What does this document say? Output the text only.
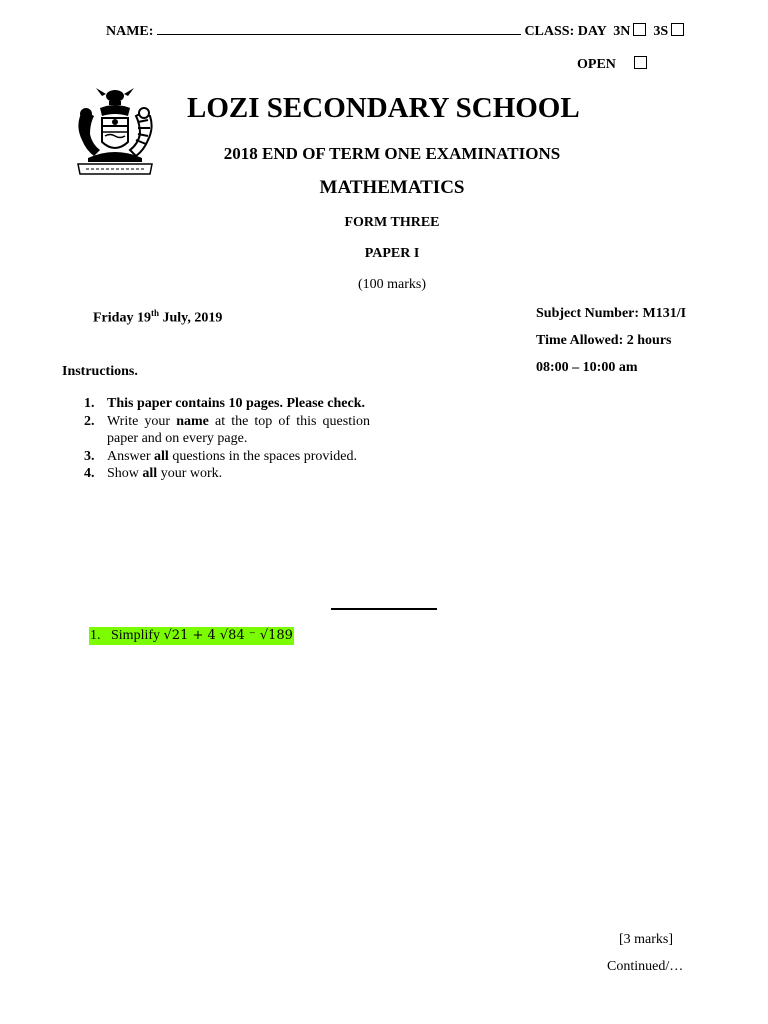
NAME:	CLASS: DAY 3N 3S
OPEN
LOZI SECONDARY SCHOOL
2018 END OF TERM ONE EXAMINATIONS
MATHEMATICS
FORM THREE
PAPER I
(100 marks)
Friday 19th July, 2019	Subject Number: M131/I
Time Allowed: 2 hours
08:00 – 10:00 am
Instructions.
1. This paper contains 10 pages. Please check.
2. Write your name at the top of this question paper and on every page.
3. Answer all questions in the spaces provided.
4. Show all your work.
1. Simplify √21 + 4 √84 ⁻ √189
[3 marks]
Continued/…
